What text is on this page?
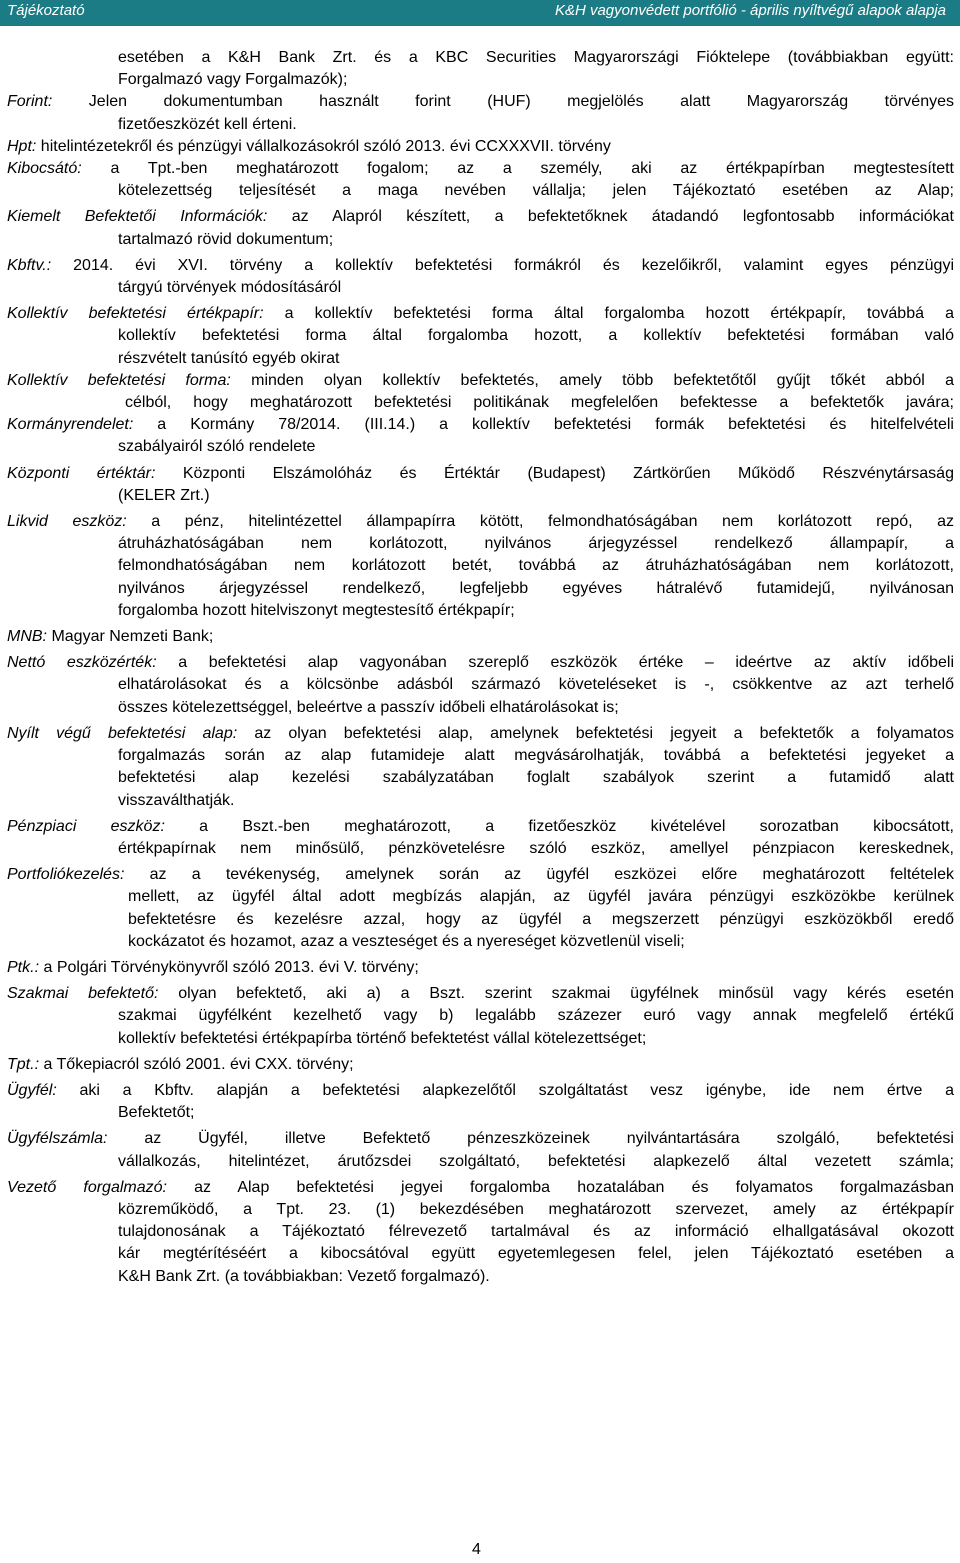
Tájékoztató	K&H vagyonvédett portfólió - április nyíltvégű alapok alapja
esetében a K&H Bank Zrt. és a KBC Securities Magyarországi Fióktelepe (továbbiakban együtt:
Forgalmazó vagy Forgalmazók);
Forint: Jelen dokumentumban használt forint (HUF) megjelölés alatt Magyarország törvényes
fizetőeszközét kell érteni.
Hpt: hitelintézetekről és pénzügyi vállalkozásokról szóló 2013. évi CCXXXVII. törvény
Kibocsátó: a Tpt.-ben meghatározott fogalom; az a személy, aki az értékpapírban megtestesített
kötelezettség teljesítését a maga nevében vállalja; jelen Tájékoztató esetében az Alap;
Kiemelt Befektetői Információk: az Alapról készített, a befektetőknek átadandó legfontosabb információkat
tartalmazó rövid dokumentum;
Kbftv.: 2014. évi XVI. törvény a kollektív befektetési formákról és kezelőikről, valamint egyes pénzügyi
tárgyú törvények módosításáról
Kollektív befektetési értékpapír: a kollektív befektetési forma által forgalomba hozott értékpapír, továbbá a
kollektív befektetési forma által forgalomba hozott, a kollektív befektetési formában való
részvételt tanúsító egyéb okirat
Kollektív befektetési forma: minden olyan kollektív befektetés, amely több befektetőtől gyűjt tőkét abból a
célból, hogy meghatározott befektetési politikának megfelelően befektesse a befektetők javára;
Kormányrendelet: a Kormány 78/2014. (III.14.) a kollektív befektetési formák befektetési és hitelfelvételi
szabályairól szóló rendelete
Központi értéktár: Központi Elszámolóház és Értéktár (Budapest) Zártkörűen Működő Részvénytársaság
(KELER Zrt.)
Likvid eszköz: a pénz, hitelintézettel állampapírra kötött, felmondhatóságában nem korlátozott repó, az
átruházhatóságában nem korlátozott, nyilvános árjegyzéssel rendelkező állampapír, a
felmondhatóságában nem korlátozott betét, továbbá az átruházhatóságában nem korlátozott,
nyilvános árjegyzéssel rendelkező, legfeljebb egyéves hátralévő futamidejű, nyilvánosan
forgalomba hozott hitelviszonyt megtestesítő értékpapír;
MNB: Magyar Nemzeti Bank;
Nettó eszközérték: a befektetési alap vagyonában szereplő eszközök értéke – ideértve az aktív időbeli
elhatárolásokat és a kölcsönbe adásból származó követeléseket is -, csökkentve az azt terhelő
összes kötelezettséggel, beleértve a passzív időbeli elhatárolásokat is;
Nyílt végű befektetési alap: az olyan befektetési alap, amelynek befektetési jegyeit a befektetők a folyamatos
forgalmazás során az alap futamideje alatt megvásárolhatják, továbbá a befektetési jegyeket a
befektetési alap kezelési szabályzatában foglalt szabályok szerint a futamidő alatt
visszaválthatják.
Pénzpiaci eszköz: a Bszt.-ben meghatározott, a fizetőeszköz kivételével sorozatban kibocsátott,
értékpapírnak nem minősülő, pénzkövetelésre szóló eszköz, amellyel pénzpiacon kereskednek,
Portfoliókezelés: az a tevékenység, amelynek során az ügyfél eszközei előre meghatározott feltételek
mellett, az ügyfél által adott megbízás alapján, az ügyfél javára pénzügyi eszközökbe kerülnek
befektetésre és kezelésre azzal, hogy az ügyfél a megszerzett pénzügyi eszközökből eredő
kockázatot és hozamot, azaz a veszteséget és a nyereséget közvetlenül viseli;
Ptk.: a Polgári Törvénykönyvről szóló 2013. évi V. törvény;
Szakmai befektető: olyan befektető, aki a) a Bszt. szerint szakmai ügyfélnek minősül vagy kérés esetén
szakmai ügyfélként kezelhető vagy b) legalább százezer euró vagy annak megfelelő értékű
kollektív befektetési értékpapírba történő befektetést vállal kötelezettséget;
Tpt.: a Tőkepiacról szóló 2001. évi CXX. törvény;
Ügyfél: aki a Kbftv. alapján a befektetési alapkezelőtől szolgáltatást vesz igénybe, ide nem értve a
Befektetőt;
Ügyfélszámla: az Ügyfél, illetve Befektető pénzeszközeinek nyilvántartására szolgáló, befektetési
vállalkozás, hitelintézet, árutőzsdei szolgáltató, befektetési alapkezelő által vezetett számla;
Vezető forgalmazó: az Alap befektetési jegyei forgalomba hozatalában és folyamatos forgalmazásban
közreműködő, a Tpt. 23. (1) bekezdésében meghatározott szervezet, amely az értékpapír
tulajdonosának a Tájékoztató félrevezető tartalmával és az információ elhallgatásával okozott
kár megtérítéséért a kibocsátóval együtt egyetemlegesen felel, jelen Tájékoztató esetében a
K&H Bank Zrt. (a továbbiakban: Vezető forgalmazó).
4
